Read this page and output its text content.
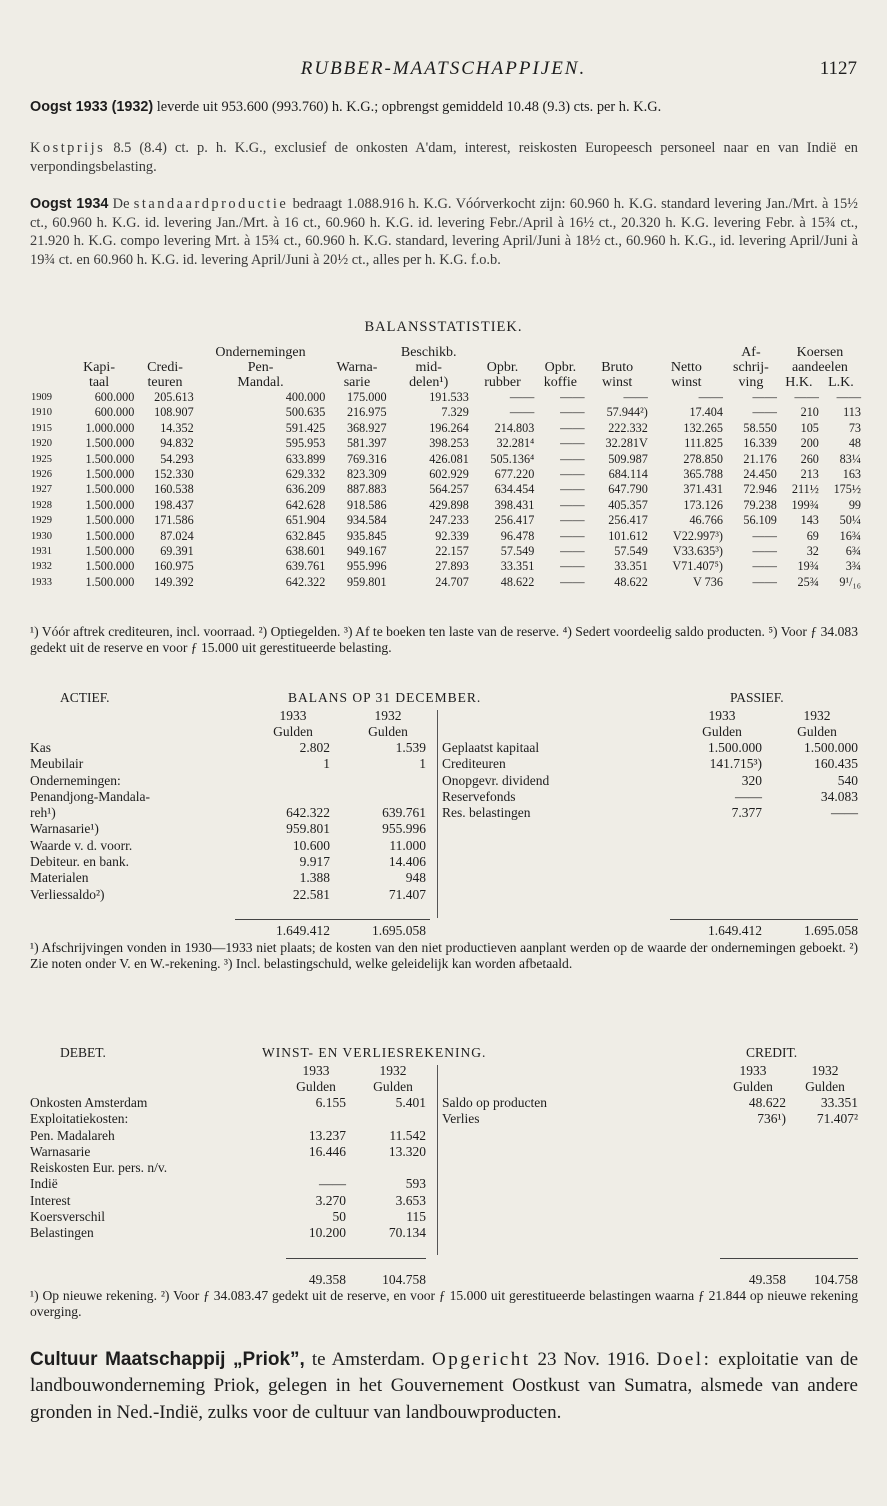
RUBBER-MAATSCHAPPIJEN.	1127
Oogst 1933 (1932) leverde uit 953.600 (993.760) h. K.G.; opbrengst gemiddeld 10.48 (9.3) cts. per h. K.G.
Kostprijs 8.5 (8.4) ct. p. h. K.G., exclusief de onkosten A'dam, interest, reiskosten Europeesch personeel naar en van Indië en verpondingsbelasting.
Oogst 1934 De standaardproductie bedraagt 1.088.916 h. K.G. Vóórverkocht zijn: 60.960 h. K.G. standard levering Jan./Mrt. à 15½ ct., 60.960 h. K.G. id. levering Jan./Mrt. à 16 ct., 60.960 h. K.G. id. levering Febr./April à 16½ ct., 20.320 h. K.G. levering Febr. à 15¾ ct., 21.920 h. K.G. compo levering Mrt. à 15¾ ct., 60.960 h. K.G. standard, levering April/Juni à 18½ ct., 60.960 h. K.G., id. levering April/Juni à 19¾ ct. en 60.960 h. K.G. id. levering April/Juni à 20½ ct., alles per h. K.G. f.o.b.
BALANSSTATISTIEK.
			Ondernemingen		Beschikb.					Af-	Koersen	
	Kapi-	Credi-	Pen-	Warna-	mid-	Opbr.	Opbr.	Bruto	Netto	schrij-	aandeelen	
	taal	teuren	Mandal.	sarie	delen¹)	rubber	koffie	winst	winst	ving	H.K.	L.K.
1909	600.000	205.613	400.000	175.000	191.533	——	——	——	——	——	——	——
1910	600.000	108.907	500.635	216.975	7.329	——	——	57.944²)	17.404	——	210	113
1915	1.000.000	14.352	591.425	368.927	196.264	214.803	——	222.332	132.265	58.550	105	73
1920	1.500.000	94.832	595.953	581.397	398.253	32.281⁴	——	32.281V	111.825	16.339	200	48
1925	1.500.000	54.293	633.899	769.316	426.081	505.136⁴	——	509.987	278.850	21.176	260	83¼
1926	1.500.000	152.330	629.332	823.309	602.929	677.220	——	684.114	365.788	24.450	213	163
1927	1.500.000	160.538	636.209	887.883	564.257	634.454	——	647.790	371.431	72.946	211½	175½
1928	1.500.000	198.437	642.628	918.586	429.898	398.431	——	405.357	173.126	79.238	199¾	99
1929	1.500.000	171.586	651.904	934.584	247.233	256.417	——	256.417	46.766	56.109	143	50¼
1930	1.500.000	87.024	632.845	935.845	92.339	96.478	——	101.612	V22.997³)	——	69	16¾
1931	1.500.000	69.391	638.601	949.167	22.157	57.549	——	57.549	V33.635³)	——	32	6¾
1932	1.500.000	160.975	639.761	955.996	27.893	33.351	——	33.351	V71.407⁵)	——	19¾	3¾
1933	1.500.000	149.392	642.322	959.801	24.707	48.622	——	48.622	V 736	——	25¾	9¹/₁₆
¹) Vóór aftrek crediteuren, incl. voorraad. ²) Optiegelden. ³) Af te boeken ten laste van de reserve. ⁴) Sedert voordeelig saldo producten. ⁵) Voor ƒ 34.083 gedekt uit de reserve en voor ƒ 15.000 uit gerestitueerde belasting.
ACTIEF.	BALANS OP 31 DECEMBER.	PASSIEF.
1933	1932
Gulden	Gulden
1933	1932
Gulden	Gulden
Kas	2.802	1.539
Meubilair	1	1
Ondernemingen:
Penandjong-Mandala-
reh¹)	642.322	639.761
Warnasarie¹)	959.801	955.996
Waarde v. d. voorr.	10.600	11.000
Debiteur. en bank.	9.917	14.406
Materialen	1.388	948
Verliessaldo²)	22.581	71.407
Geplaatst kapitaal	1.500.000	1.500.000
Crediteuren	141.715³)	160.435
Onopgevr. dividend	320	540
Reservefonds	——	34.083
Res. belastingen	7.377	——
1.649.412	1.695.058	1.649.412	1.695.058
¹) Afschrijvingen vonden in 1930—1933 niet plaats; de kosten van den niet productieven aanplant werden op de waarde der ondernemingen geboekt. ²) Zie noten onder V. en W.-rekening. ³) Incl. belastingschuld, welke geleidelijk kan worden afbetaald.
DEBET.	WINST- EN VERLIESREKENING.	CREDIT.
1933	1932
Gulden	Gulden
1933	1932
Gulden	Gulden
Onkosten Amsterdam	6.155	5.401
Exploitatiekosten:
Pen. Madalareh	13.237	11.542
Warnasarie	16.446	13.320
Reiskosten Eur. pers. n/v.
Indië	——	593
Interest	3.270	3.653
Koersverschil	50	115
Belastingen	10.200	70.134
Saldo op producten	48.622	33.351
Verlies	736¹)	71.407²
49.358	104.758	49.358	104.758
¹) Op nieuwe rekening. ²) Voor ƒ 34.083.47 gedekt uit de reserve, en voor ƒ 15.000 uit gerestitueerde belastingen waarna ƒ 21.844 op nieuwe rekening overging.
Cultuur Maatschappij „Priok”, te Amsterdam. Opgericht 23 Nov. 1916. Doel: exploitatie van de landbouwonderneming Priok, gelegen in het Gouvernement Oostkust van Sumatra, alsmede van andere gronden in Ned.-Indië, zulks voor de cultuur van landbouwproducten.
